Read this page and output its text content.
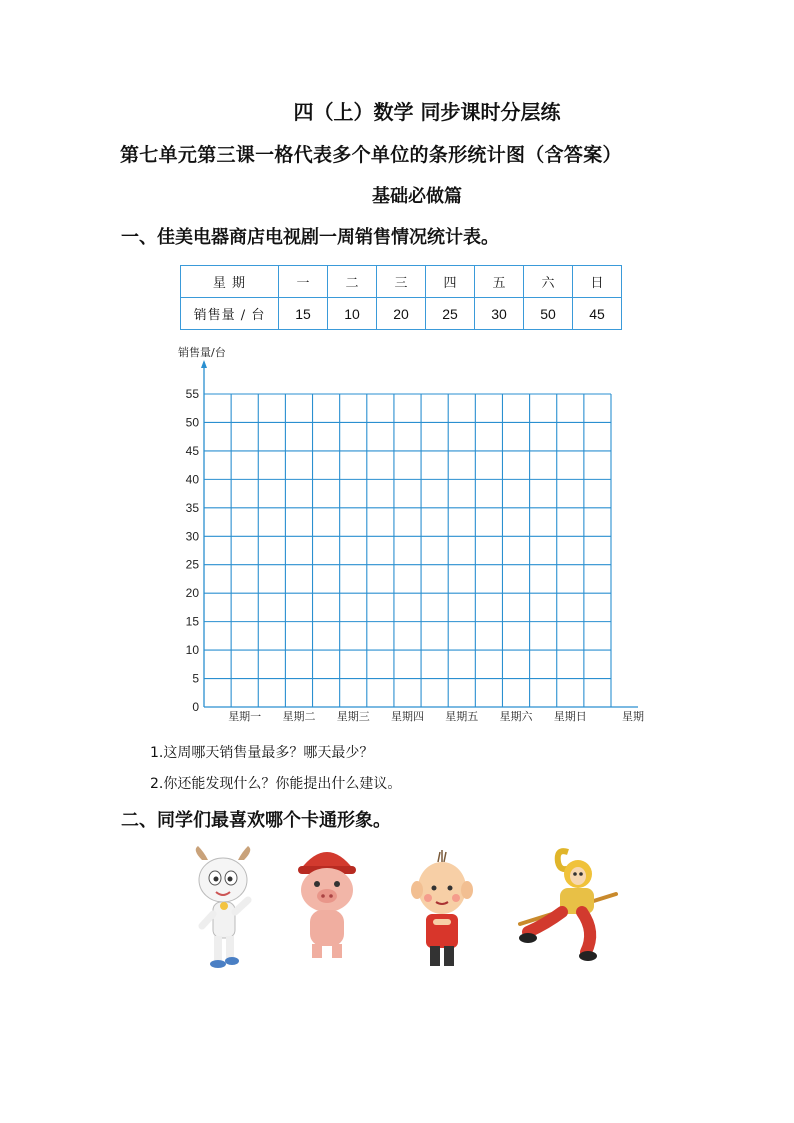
四（上）数学 同步课时分层练
第七单元第三课一格代表多个单位的条形统计图（含答案）
基础必做篇
一、佳美电器商店电视剧一周销售情况统计表。
星 期	一	二	三	四	五	六	日
销售量 / 台	15	10	20	25	30	50	45
0
5
10
15
20
25
30
35
40
45
50
55
销售量/台
星期一 星期二 星期三 星期四 星期五 星期六 星期日	星期
1.这周哪天销售量最多？哪天最少？
2.你还能发现什么？你能提出什么建议。
二、同学们最喜欢哪个卡通形象。
